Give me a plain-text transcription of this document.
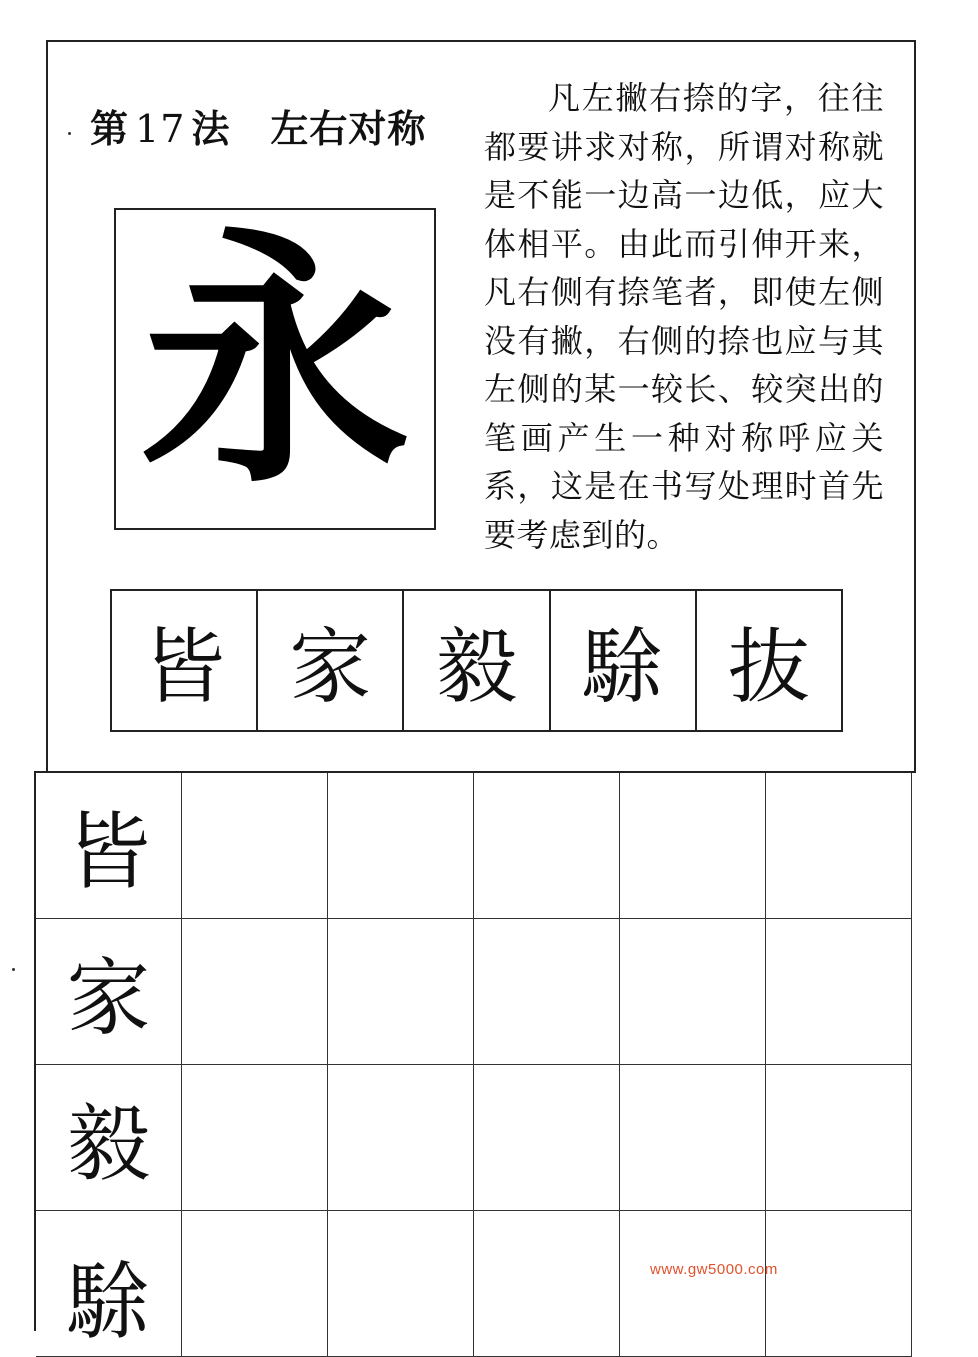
第 17 法 左右对称
永
凡左撇右捺的字，往往都要讲求对称，所谓对称就是不能一边高一边低，应大体相平。由此而引伸开来，凡右侧有捺笔者，即使左侧没有撇，右侧的捺也应与其左侧的某一较长、较突出的笔画产生一种对称呼应关系，这是在书写处理时首先要考虑到的。
皆 家 毅 駼 抜
皆
家
毅
駼	www.gw5000.com
